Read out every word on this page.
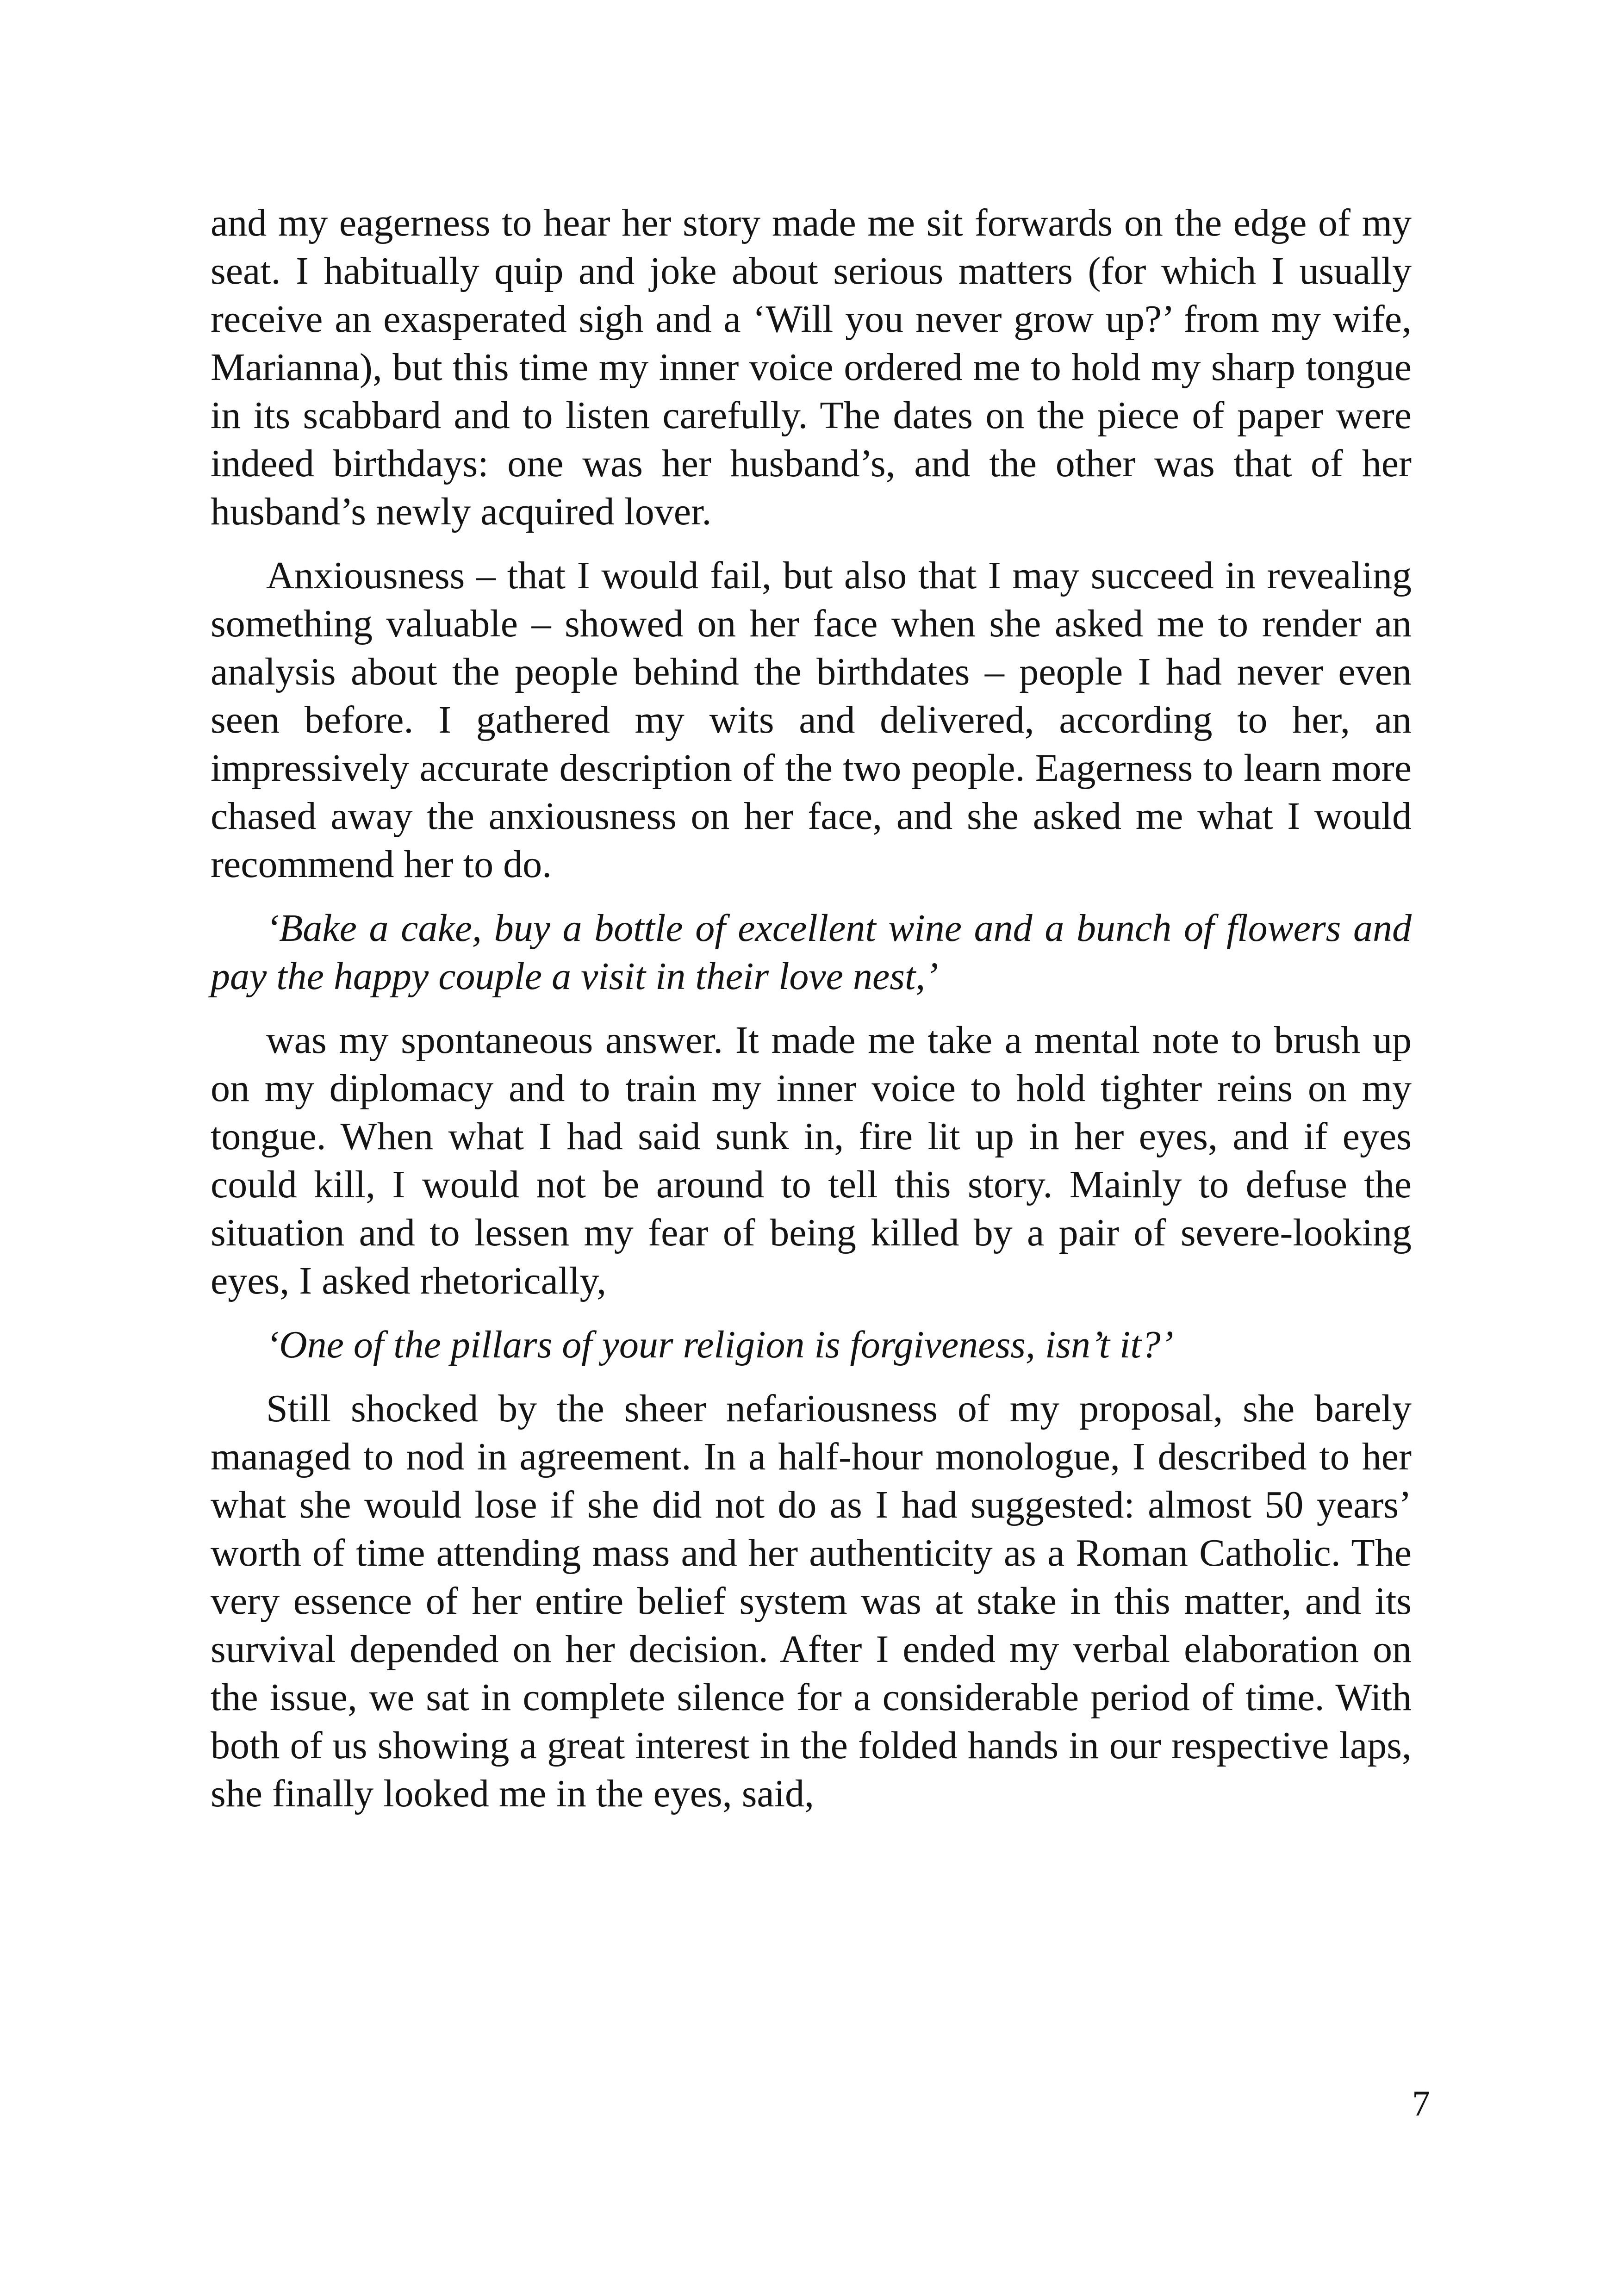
and my eagerness to hear her story made me sit forwards on the edge of my seat. I habitually quip and joke about serious matters (for which I usually receive an exasperated sigh and a ‘Will you never grow up?’ from my wife, Marianna), but this time my inner voice ordered me to hold my sharp tongue in its scabbard and to listen carefully. The dates on the piece of paper were indeed birthdays: one was her husband’s, and the other was that of her husband’s newly acquired lover.

Anxiousness – that I would fail, but also that I may succeed in revealing something valuable – showed on her face when she asked me to render an analysis about the people behind the birthdates – people I had never even seen before. I gathered my wits and delivered, according to her, an impressively accurate description of the two people. Eagerness to learn more chased away the anxiousness on her face, and she asked me what I would recommend her to do.

‘Bake a cake, buy a bottle of excellent wine and a bunch of flowers and pay the happy couple a visit in their love nest,’

was my spontaneous answer. It made me take a mental note to brush up on my diplomacy and to train my inner voice to hold tighter reins on my tongue. When what I had said sunk in, fire lit up in her eyes, and if eyes could kill, I would not be around to tell this story. Mainly to defuse the situation and to lessen my fear of being killed by a pair of severe-looking eyes, I asked rhetorically,

‘One of the pillars of your religion is forgiveness, isn’t it?’

Still shocked by the sheer nefariousness of my proposal, she barely managed to nod in agreement. In a half-hour monologue, I described to her what she would lose if she did not do as I had suggested: almost 50 years’ worth of time attending mass and her authenticity as a Roman Catholic. The very essence of her entire belief system was at stake in this matter, and its survival depended on her decision. After I ended my verbal elaboration on the issue, we sat in complete silence for a considerable period of time. With both of us showing a great interest in the folded hands in our respective laps, she finally looked me in the eyes, said,

7
